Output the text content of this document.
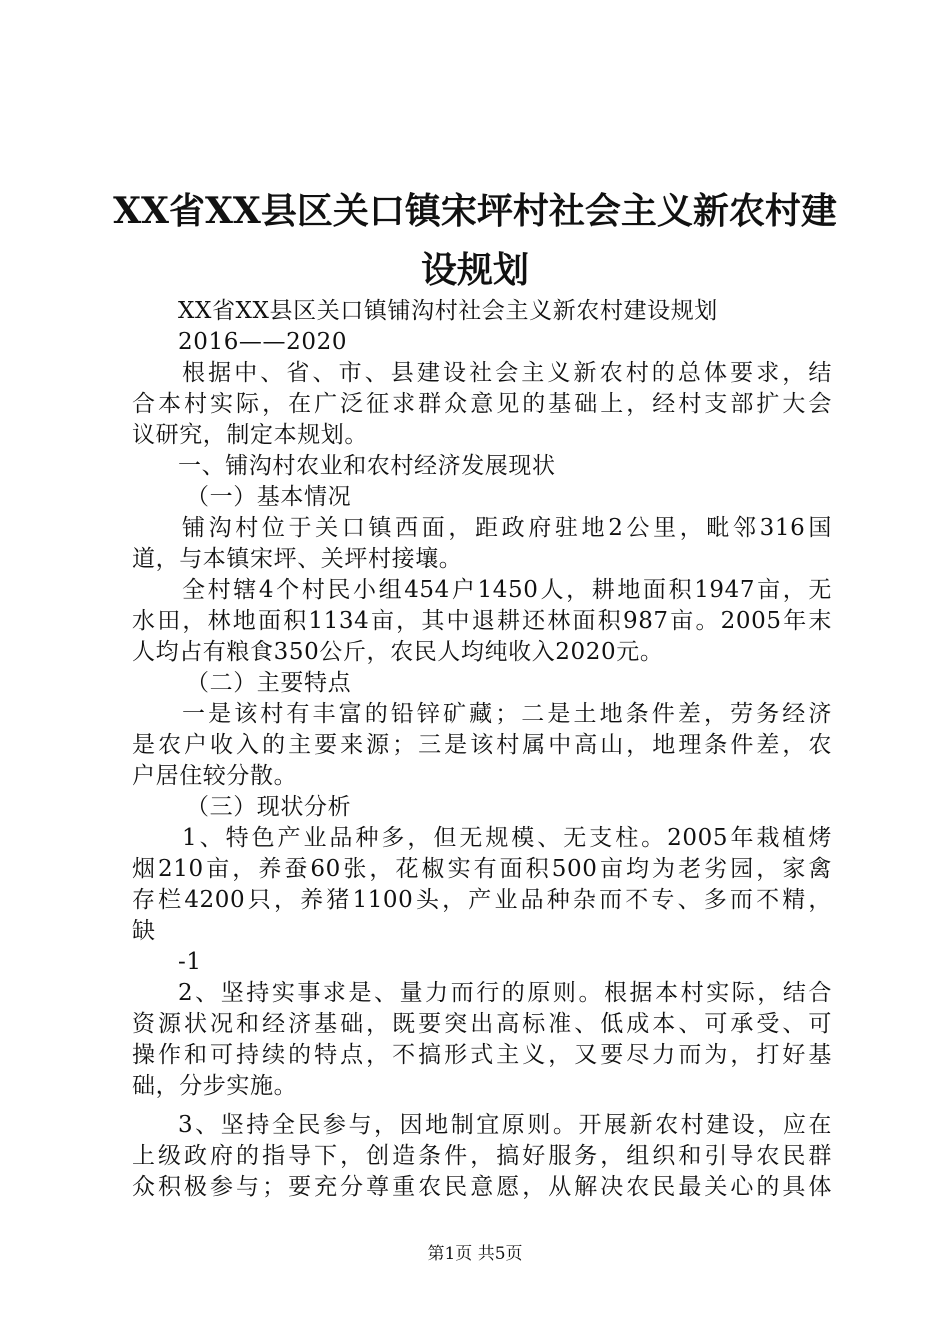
XX省XX县区关口镇宋坪村社会主义新农村建
设规划
XX省XX县区关口镇铺沟村社会主义新农村建设规划
2016——2020
根据中、省、市、县建设社会主义新农村的总体要求，结
合本村实际，在广泛征求群众意见的基础上，经村支部扩大会
议研究，制定本规划。
一、铺沟村农业和农村经济发展现状
（一）基本情况
铺沟村位于关口镇西面，距政府驻地2公里，毗邻316国
道，与本镇宋坪、关坪村接壤。
全村辖4个村民小组454户1450人，耕地面积1947亩，无
水田，林地面积1134亩，其中退耕还林面积987亩。2005年末
人均占有粮食350公斤，农民人均纯收入2020元。
（二）主要特点
一是该村有丰富的铅锌矿藏；二是土地条件差，劳务经济
是农户收入的主要来源；三是该村属中高山，地理条件差，农
户居住较分散。
（三）现状分析
1、特色产业品种多，但无规模、无支柱。2005年栽植烤
烟210亩，养蚕60张，花椒实有面积500亩均为老劣园，家禽
存栏4200只，养猪1100头，产业品种杂而不专、多而不精，
缺
-1
2、坚持实事求是、量力而行的原则。根据本村实际，结合
资源状况和经济基础，既要突出高标准、低成本、可承受、可
操作和可持续的特点，不搞形式主义，又要尽力而为，打好基
础，分步实施。
3、坚持全民参与，因地制宜原则。开展新农村建设，应在
上级政府的指导下，创造条件，搞好服务，组织和引导农民群
众积极参与；要充分尊重农民意愿，从解决农民最关心的具体
第1页 共5页
